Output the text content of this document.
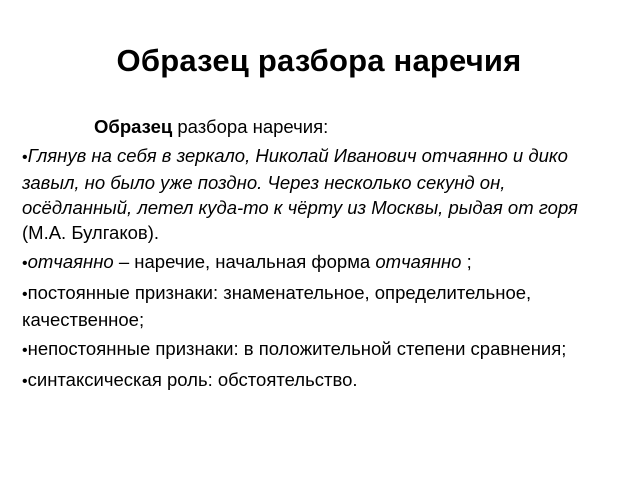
Образец разбора наречия
Образец разбора наречия:
•Глянув на себя в зеркало, Николай Иванович отчаянно и дико завыл, но было уже поздно. Через несколько секунд он, осёдланный, летел куда-то к чёрту из Москвы, рыдая от горя (М.А. Булгаков).
•отчаянно – наречие, начальная форма отчаянно ;
•постоянные признаки: знаменательное, определительное, качественное;
•непостоянные признаки: в положительной степени сравнения;
•синтаксическая роль: обстоятельство.
